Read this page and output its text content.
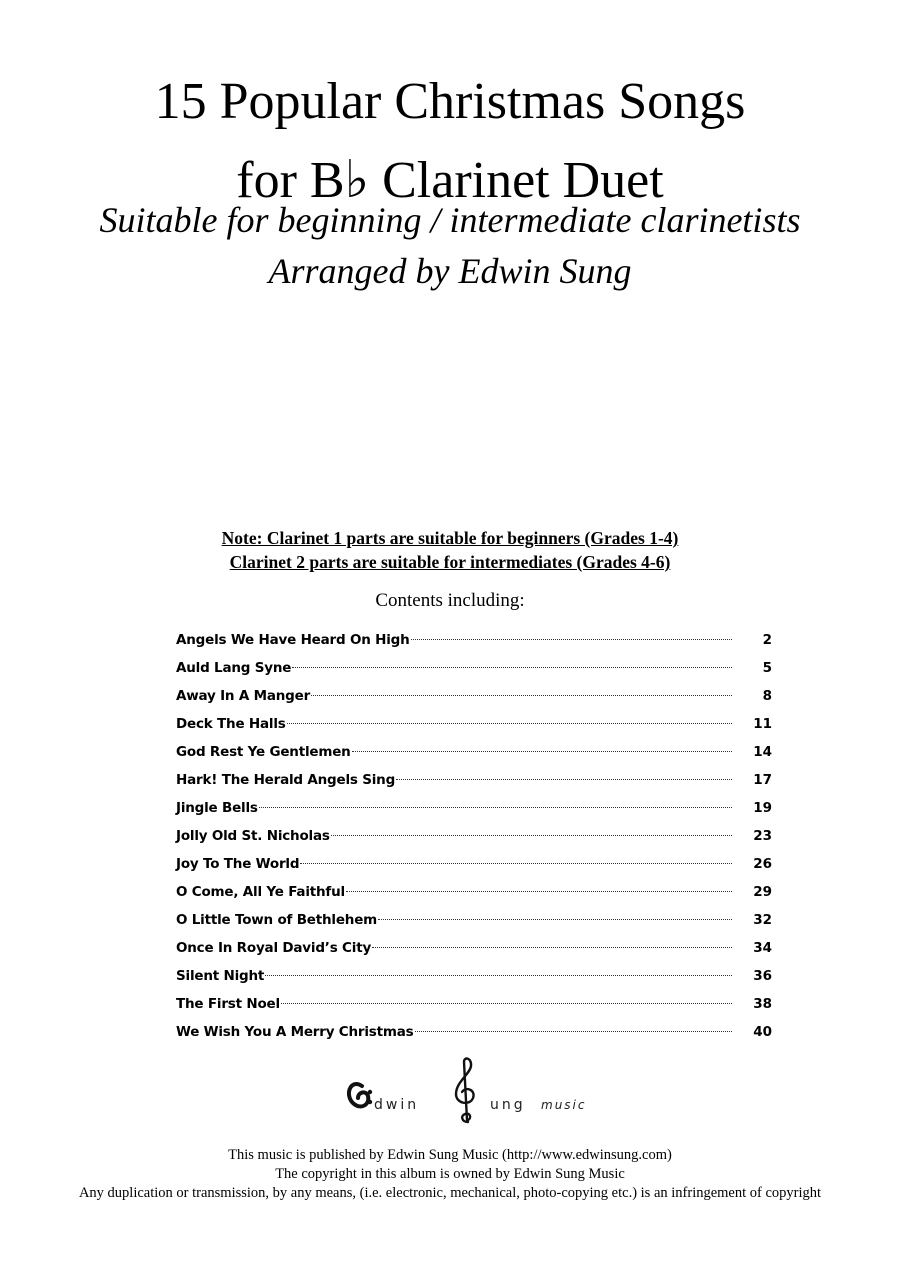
15 Popular Christmas Songs
for B♭ Clarinet Duet
Suitable for beginning / intermediate clarinetists
Arranged by Edwin Sung
Note: Clarinet 1 parts are suitable for beginners (Grades 1-4)
Clarinet 2 parts are suitable for intermediates (Grades 4-6)
Contents including:
Angels We Have Heard On High	2
Auld Lang Syne	5
Away In A Manger	8
Deck The Halls	11
God Rest Ye Gentlemen	14
Hark! The Herald Angels Sing	17
Jingle Bells	19
Jolly Old St. Nicholas	23
Joy To The World	26
O Come, All Ye Faithful	29
O Little Town of Bethlehem	32
Once In Royal David’s City	34
Silent Night	36
The First Noel	38
We Wish You A Merry Christmas	40
dwin	ung music
This music is published by Edwin Sung Music (http://www.edwinsung.com)
The copyright in this album is owned by Edwin Sung Music
Any duplication or transmission, by any means, (i.e. electronic, mechanical, photo-copying etc.) is an infringement of copyright
